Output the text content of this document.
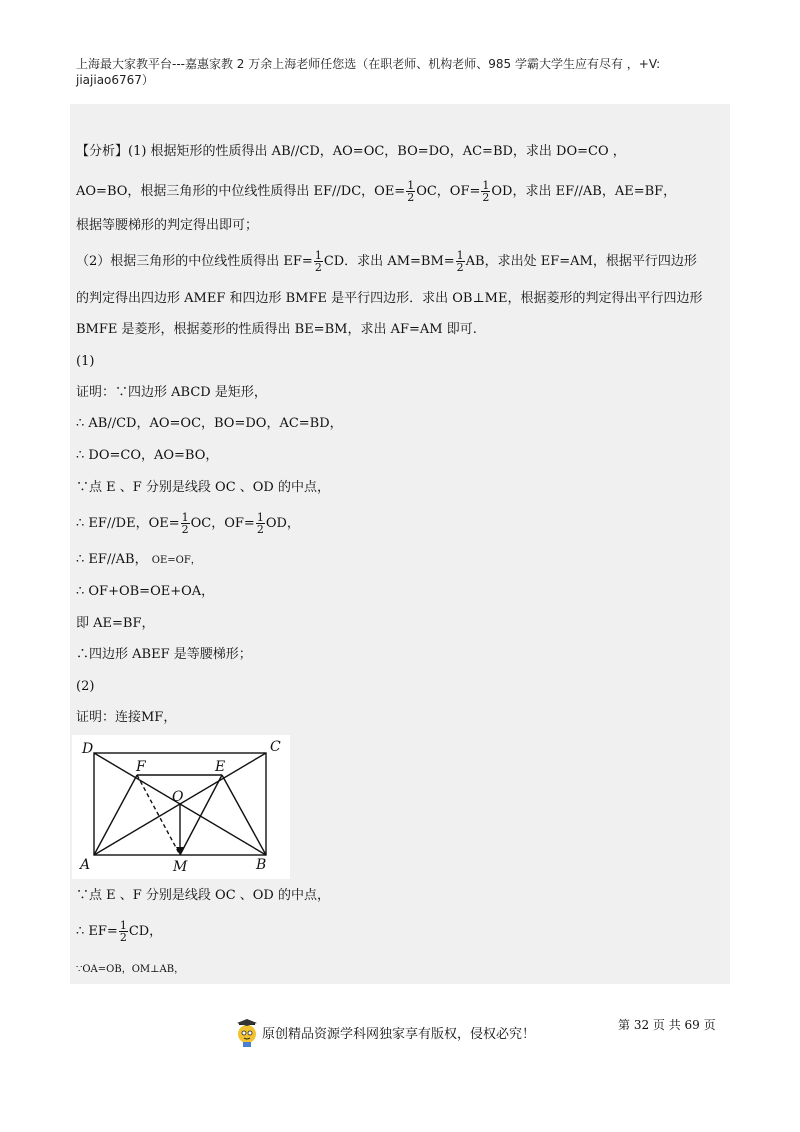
上海最大家教平台---嘉惠家教 2 万余上海老师任您选（在职老师、机构老师、985 学霸大学生应有尽有 ，+V:
jiajiao6767）
【分析】(1) 根据矩形的性质得出 AB//CD，AO=OC，BO=DO，AC=BD，求出 DO=CO ，
AO=BO，根据三角形的中位线性质得出 EF//DC，$OE= \frac{1}{2}$ OC，$OF= \frac{1}{2}$ OD，求出 EF//AB，AE=BF，
根据等腰梯形的判定得出即可；
（2）根据三角形的中位线性质得出 $EF= \frac{1}{2}$ CD．求出 $AM=BM= \frac{1}{2}$ AB，求出处 EF=AM，根据平行四边形
的判定得出四边形 AMEF 和四边形 BMFE 是平行四边形．求出 OB⊥ME，根据菱形的判定得出平行四边形
BMFE 是菱形，根据菱形的性质得出 BE=BM，求出 AF=AM 即可.
(1)
证明：∵四边形 ABCD 是矩形，
∴ AB//CD，AO=OC，BO=DO，AC=BD，
∴ DO=CO，AO=BO，
∵点 E 、F 分别是线段 OC 、OD 的中点，
∴ EF//DE，$OE= \frac{1}{2}$ OC，$OF= \frac{1}{2}$ OD，
∴ EF//AB， OE=OF，
∴ OF+OB=OE+OA，
即 AE=BF，
∴四边形 ABEF 是等腰梯形；
(2)
证明：连接MF，
D	C
F	E
O
A	M	B
∵点 E 、F 分别是线段 OC 、OD 的中点，
∴ $EF= \frac{1}{2}$ CD，
∵OA=OB，OM⊥AB，
原创精品资源学科网独家享有版权，侵权必究！
第 32 页 共 69 页
